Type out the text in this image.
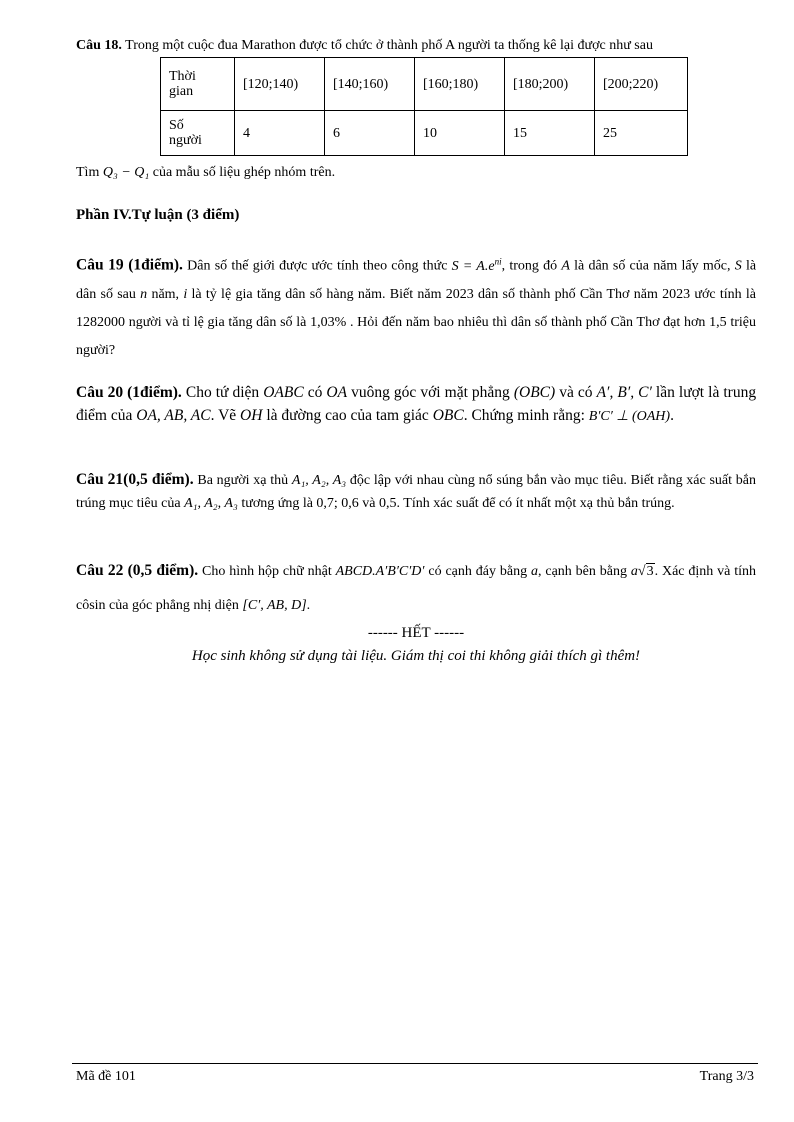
Câu 18. Trong một cuộc đua Marathon được tổ chức ở thành phố A người ta thống kê lại được như sau
Thời
gian	[120;140)	[140;160)	[160;180)	[180;200)	[200;220)
Số
người	4	6	10	15	25
Tìm Q₃ − Q₁ của mẫu số liệu ghép nhóm trên.
Phần IV.Tự luận (3 điểm)
Câu 19 (1điểm). Dân số thế giới được ước tính theo công thức $S = A.e^{ni}$, trong đó A là dân số của năm lấy mốc, S là dân số sau n năm, i là tỷ lệ gia tăng dân số hàng năm. Biết năm 2023 dân số thành phố Cần Thơ năm 2023 ước tính là 1282000 người và tỉ lệ gia tăng dân số là 1,03% . Hỏi đến năm bao nhiêu thì dân số thành phố Cần Thơ đạt hơn 1,5 triệu người?
Câu 20 (1điểm). Cho tứ diện OABC có OA vuông góc với mặt phẳng (OBC) và có A′, B′, C′ lần lượt là trung điểm của OA, AB, AC. Vẽ OH là đường cao của tam giác OBC. Chứng minh rằng: B′C′ ⊥ (OAH).
Câu 21(0,5 điểm). Ba người xạ thủ A₁, A₂, A₃ độc lập với nhau cùng nổ súng bắn vào mục tiêu. Biết rằng xác suất bắn trúng mục tiêu của A₁, A₂, A₃ tương ứng là 0,7; 0,6 và 0,5. Tính xác suất để có ít nhất một xạ thủ bắn trúng.
Câu 22 (0,5 điểm). Cho hình hộp chữ nhật ABCD.A′B′C′D′ có cạnh đáy bằng a, cạnh bên bằng a√3. Xác định và tính côsin của góc phẳng nhị diện [C′, AB, D].
------ HẾT ------
Học sinh không sử dụng tài liệu. Giám thị coi thi không giải thích gì thêm!
Mã đề 101	Trang 3/3
